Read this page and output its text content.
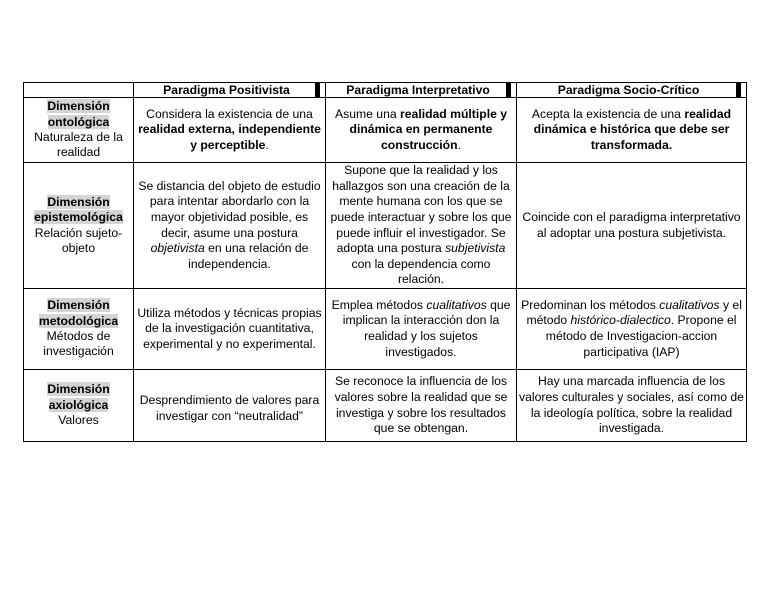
	Paradigma Positivista	Paradigma Interpretativo	Paradigma Socio-Crítico

Dimensión ontológica
Naturaleza de la realidad	Considera la existencia de una realidad externa, independiente y perceptible.	Asume una realidad múltiple y dinámica en permanente construcción.	Acepta la existencia de una realidad dinámica e histórica que debe ser transformada.

Dimensión epistemológica
Relación sujeto-objeto	Se distancia del objeto de estudio para intentar abordarlo con la mayor objetividad posible, es decir, asume una postura objetivista en una relación de independencia.	Supone que la realidad y los hallazgos son una creación de la mente humana con los que se puede interactuar y sobre los que puede influir el investigador. Se adopta una postura subjetivista con la dependencia como relación.	Coincide con el paradigma interpretativo al adoptar una postura subjetivista.

Dimensión metodológica
Métodos de investigación	Utiliza métodos y técnicas propias de la investigación cuantitativa, experimental y no experimental.	Emplea métodos cualitativos que implican la interacción don la realidad y los sujetos investigados.	Predominan los métodos cualitativos y el método histórico-dialectico. Propone el método de Investigacion-accion participativa (IAP)

Dimensión axiológica
Valores	Desprendimiento de valores para investigar con “neutralidad”	Se reconoce la influencia de los valores sobre la realidad que se investiga y sobre los resultados que se obtengan.	Hay una marcada influencia de los valores culturales y sociales, así como de la ideología política, sobre la realidad investigada.
